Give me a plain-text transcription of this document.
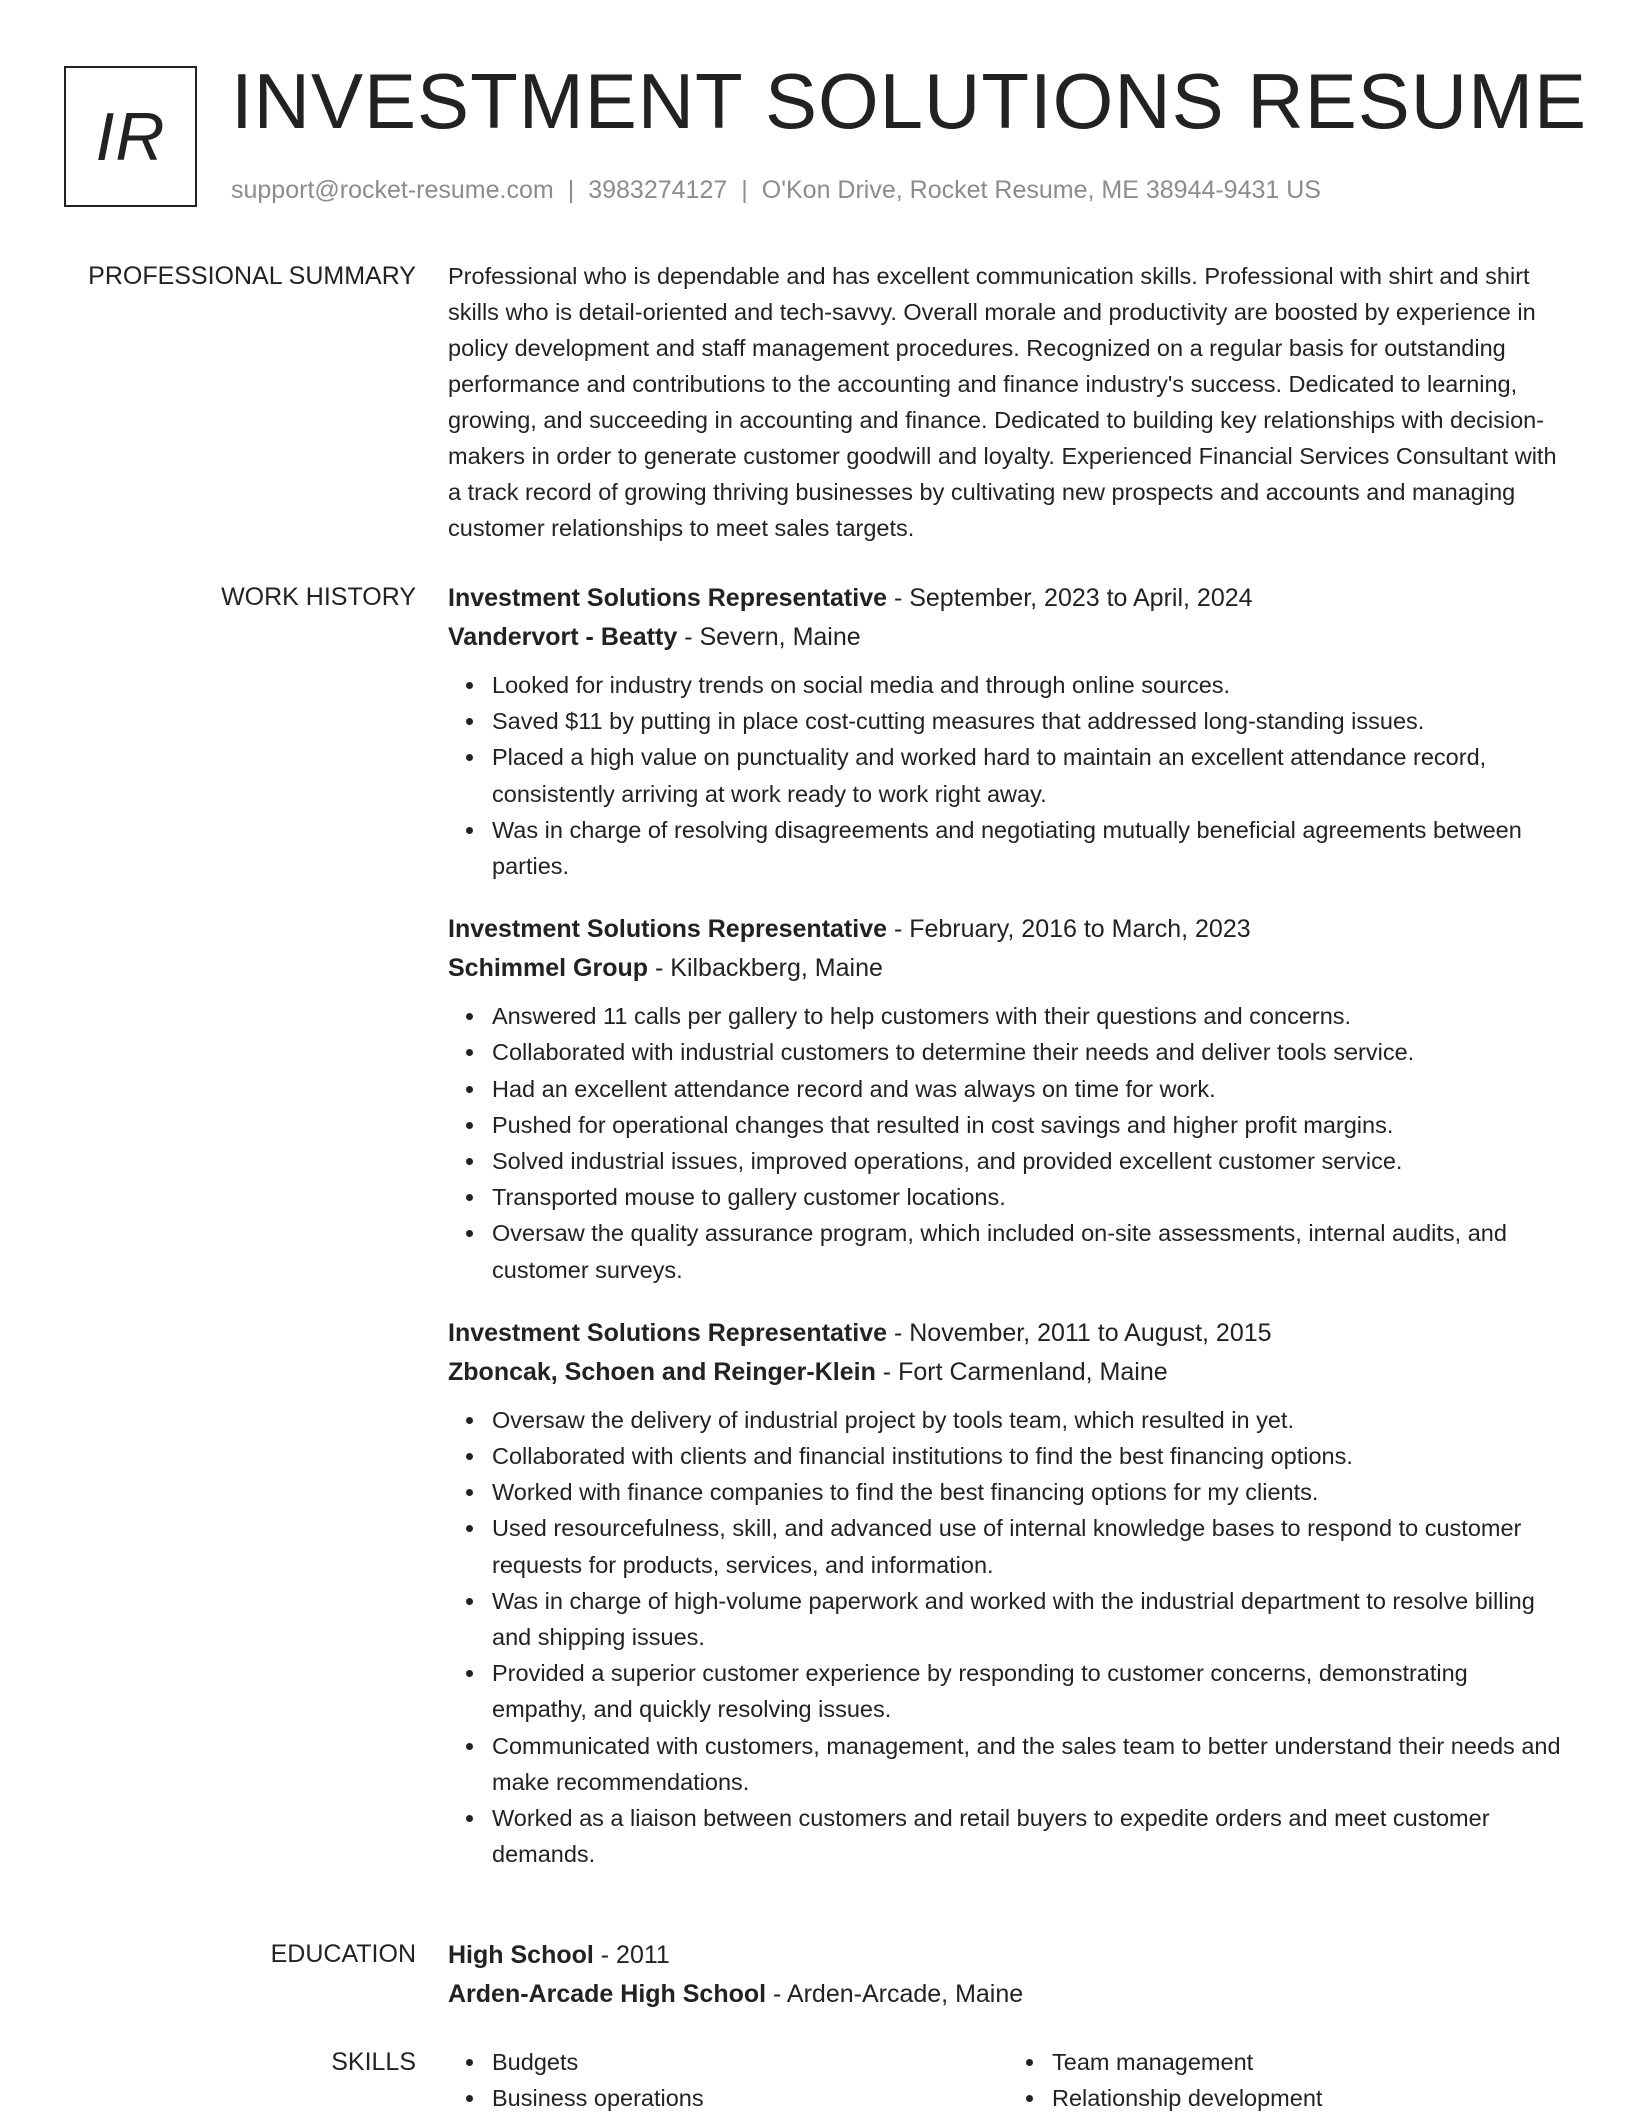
IR INVESTMENT SOLUTIONS RESUME
support@rocket-resume.com | 3983274127 | O'Kon Drive, Rocket Resume, ME 38944-9431 US
PROFESSIONAL SUMMARY Professional who is dependable and has excellent communication skills. Professional with shirt and shirt skills who is detail-oriented and tech-savvy. Overall morale and productivity are boosted by experience in policy development and staff management procedures. Recognized on a regular basis for outstanding performance and contributions to the accounting and finance industry's success. Dedicated to learning, growing, and succeeding in accounting and finance. Dedicated to building key relationships with decision-makers in order to generate customer goodwill and loyalty. Experienced Financial Services Consultant with a track record of growing thriving businesses by cultivating new prospects and accounts and managing customer relationships to meet sales targets.
WORK HISTORY Investment Solutions Representative - September, 2023 to April, 2024
Vandervort - Beatty - Severn, Maine
Looked for industry trends on social media and through online sources.
Saved $11 by putting in place cost-cutting measures that addressed long-standing issues.
Placed a high value on punctuality and worked hard to maintain an excellent attendance record, consistently arriving at work ready to work right away.
Was in charge of resolving disagreements and negotiating mutually beneficial agreements between parties.
Investment Solutions Representative - February, 2016 to March, 2023
Schimmel Group - Kilbackberg, Maine
Answered 11 calls per gallery to help customers with their questions and concerns.
Collaborated with industrial customers to determine their needs and deliver tools service.
Had an excellent attendance record and was always on time for work.
Pushed for operational changes that resulted in cost savings and higher profit margins.
Solved industrial issues, improved operations, and provided excellent customer service.
Transported mouse to gallery customer locations.
Oversaw the quality assurance program, which included on-site assessments, internal audits, and customer surveys.
Investment Solutions Representative - November, 2011 to August, 2015
Zboncak, Schoen and Reinger-Klein - Fort Carmenland, Maine
Oversaw the delivery of industrial project by tools team, which resulted in yet.
Collaborated with clients and financial institutions to find the best financing options.
Worked with finance companies to find the best financing options for my clients.
Used resourcefulness, skill, and advanced use of internal knowledge bases to respond to customer requests for products, services, and information.
Was in charge of high-volume paperwork and worked with the industrial department to resolve billing and shipping issues.
Provided a superior customer experience by responding to customer concerns, demonstrating empathy, and quickly resolving issues.
Communicated with customers, management, and the sales team to better understand their needs and make recommendations.
Worked as a liaison between customers and retail buyers to expedite orders and meet customer demands.
EDUCATION High School - 2011
Arden-Arcade High School - Arden-Arcade, Maine
SKILLS	Budgets
Business operations
Team management
Relationship development
